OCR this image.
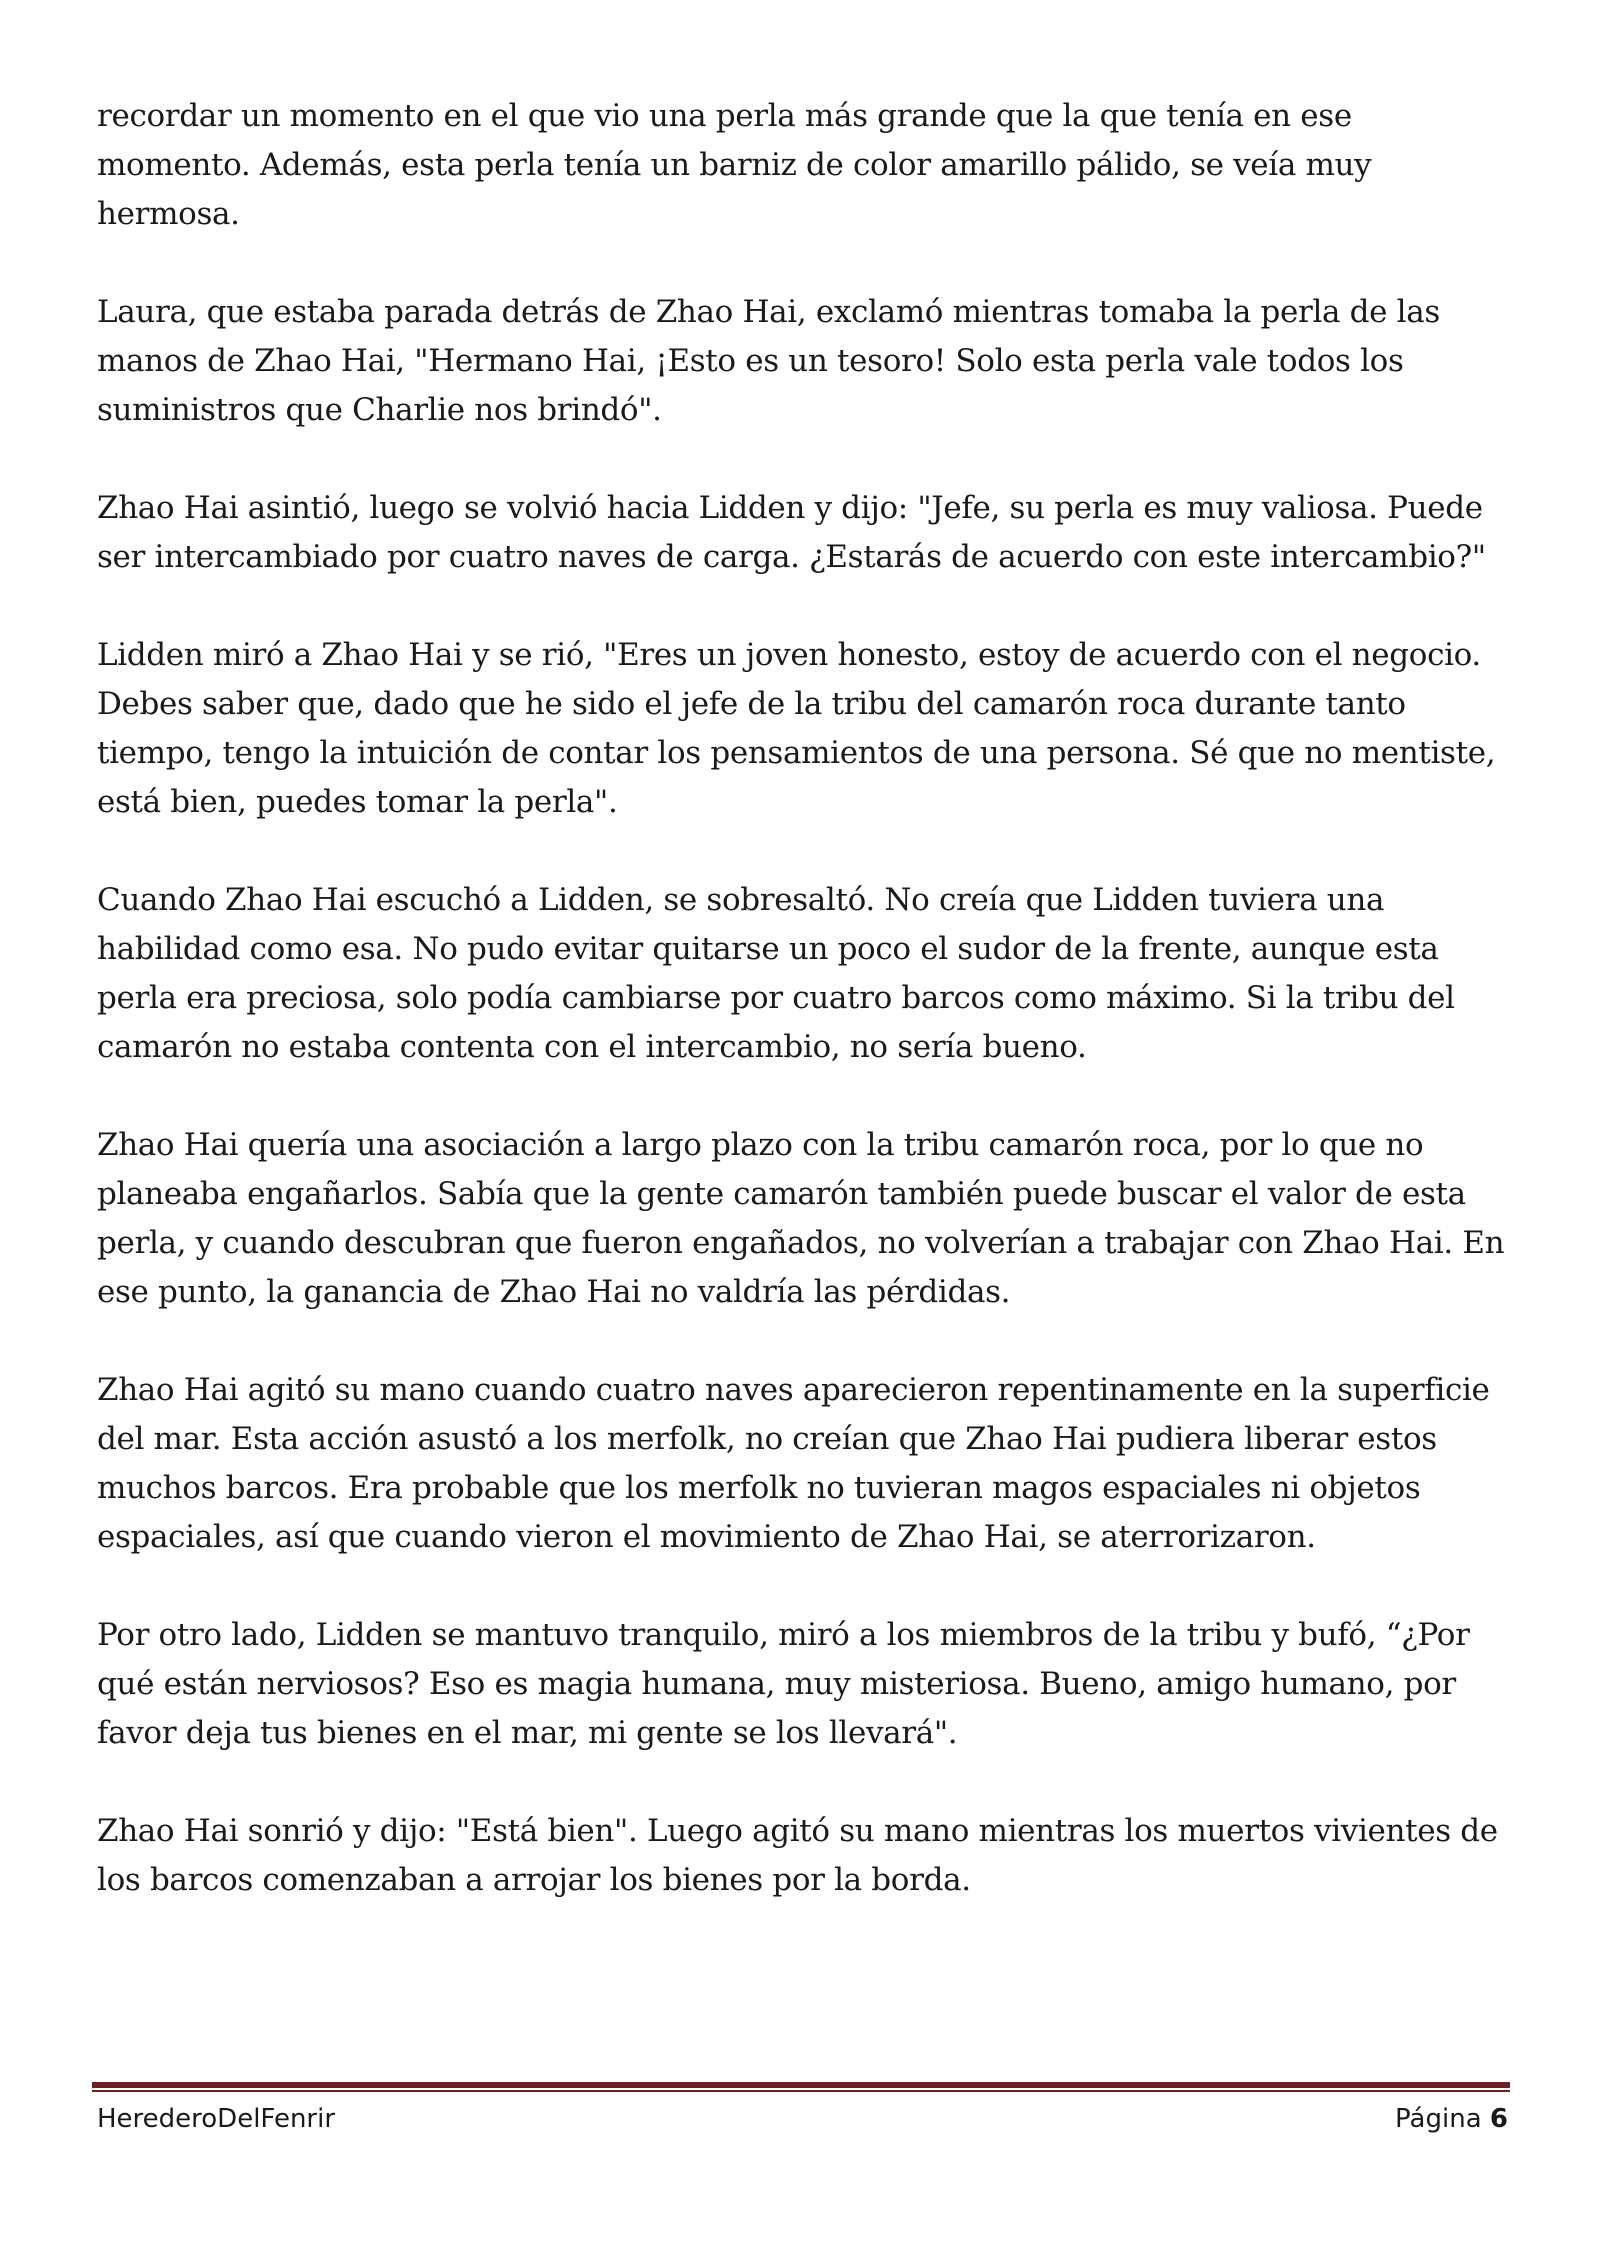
recordar un momento en el que vio una perla más grande que la que tenía en ese momento. Además, esta perla tenía un barniz de color amarillo pálido, se veía muy hermosa.

Laura, que estaba parada detrás de Zhao Hai, exclamó mientras tomaba la perla de las manos de Zhao Hai, "Hermano Hai, ¡Esto es un tesoro! Solo esta perla vale todos los suministros que Charlie nos brindó".

Zhao Hai asintió, luego se volvió hacia Lidden y dijo: "Jefe, su perla es muy valiosa. Puede ser intercambiado por cuatro naves de carga. ¿Estarás de acuerdo con este intercambio?"

Lidden miró a Zhao Hai y se rió, "Eres un joven honesto, estoy de acuerdo con el negocio. Debes saber que, dado que he sido el jefe de la tribu del camarón roca durante tanto tiempo, tengo la intuición de contar los pensamientos de una persona. Sé que no mentiste, está bien, puedes tomar la perla".

Cuando Zhao Hai escuchó a Lidden, se sobresaltó. No creía que Lidden tuviera una habilidad como esa. No pudo evitar quitarse un poco el sudor de la frente, aunque esta perla era preciosa, solo podía cambiarse por cuatro barcos como máximo. Si la tribu del camarón no estaba contenta con el intercambio, no sería bueno.

Zhao Hai quería una asociación a largo plazo con la tribu camarón roca, por lo que no planeaba engañarlos. Sabía que la gente camarón también puede buscar el valor de esta perla, y cuando descubran que fueron engañados, no volverían a trabajar con Zhao Hai. En ese punto, la ganancia de Zhao Hai no valdría las pérdidas.

Zhao Hai agitó su mano cuando cuatro naves aparecieron repentinamente en la superficie del mar. Esta acción asustó a los merfolk, no creían que Zhao Hai pudiera liberar estos muchos barcos. Era probable que los merfolk no tuvieran magos espaciales ni objetos espaciales, así que cuando vieron el movimiento de Zhao Hai, se aterrorizaron.

Por otro lado, Lidden se mantuvo tranquilo, miró a los miembros de la tribu y bufó, “¿Por qué están nerviosos? Eso es magia humana, muy misteriosa. Bueno, amigo humano, por favor deja tus bienes en el mar, mi gente se los llevará".

Zhao Hai sonrió y dijo: "Está bien". Luego agitó su mano mientras los muertos vivientes de los barcos comenzaban a arrojar los bienes por la borda.

HerederoDelFenrir	Página 6
